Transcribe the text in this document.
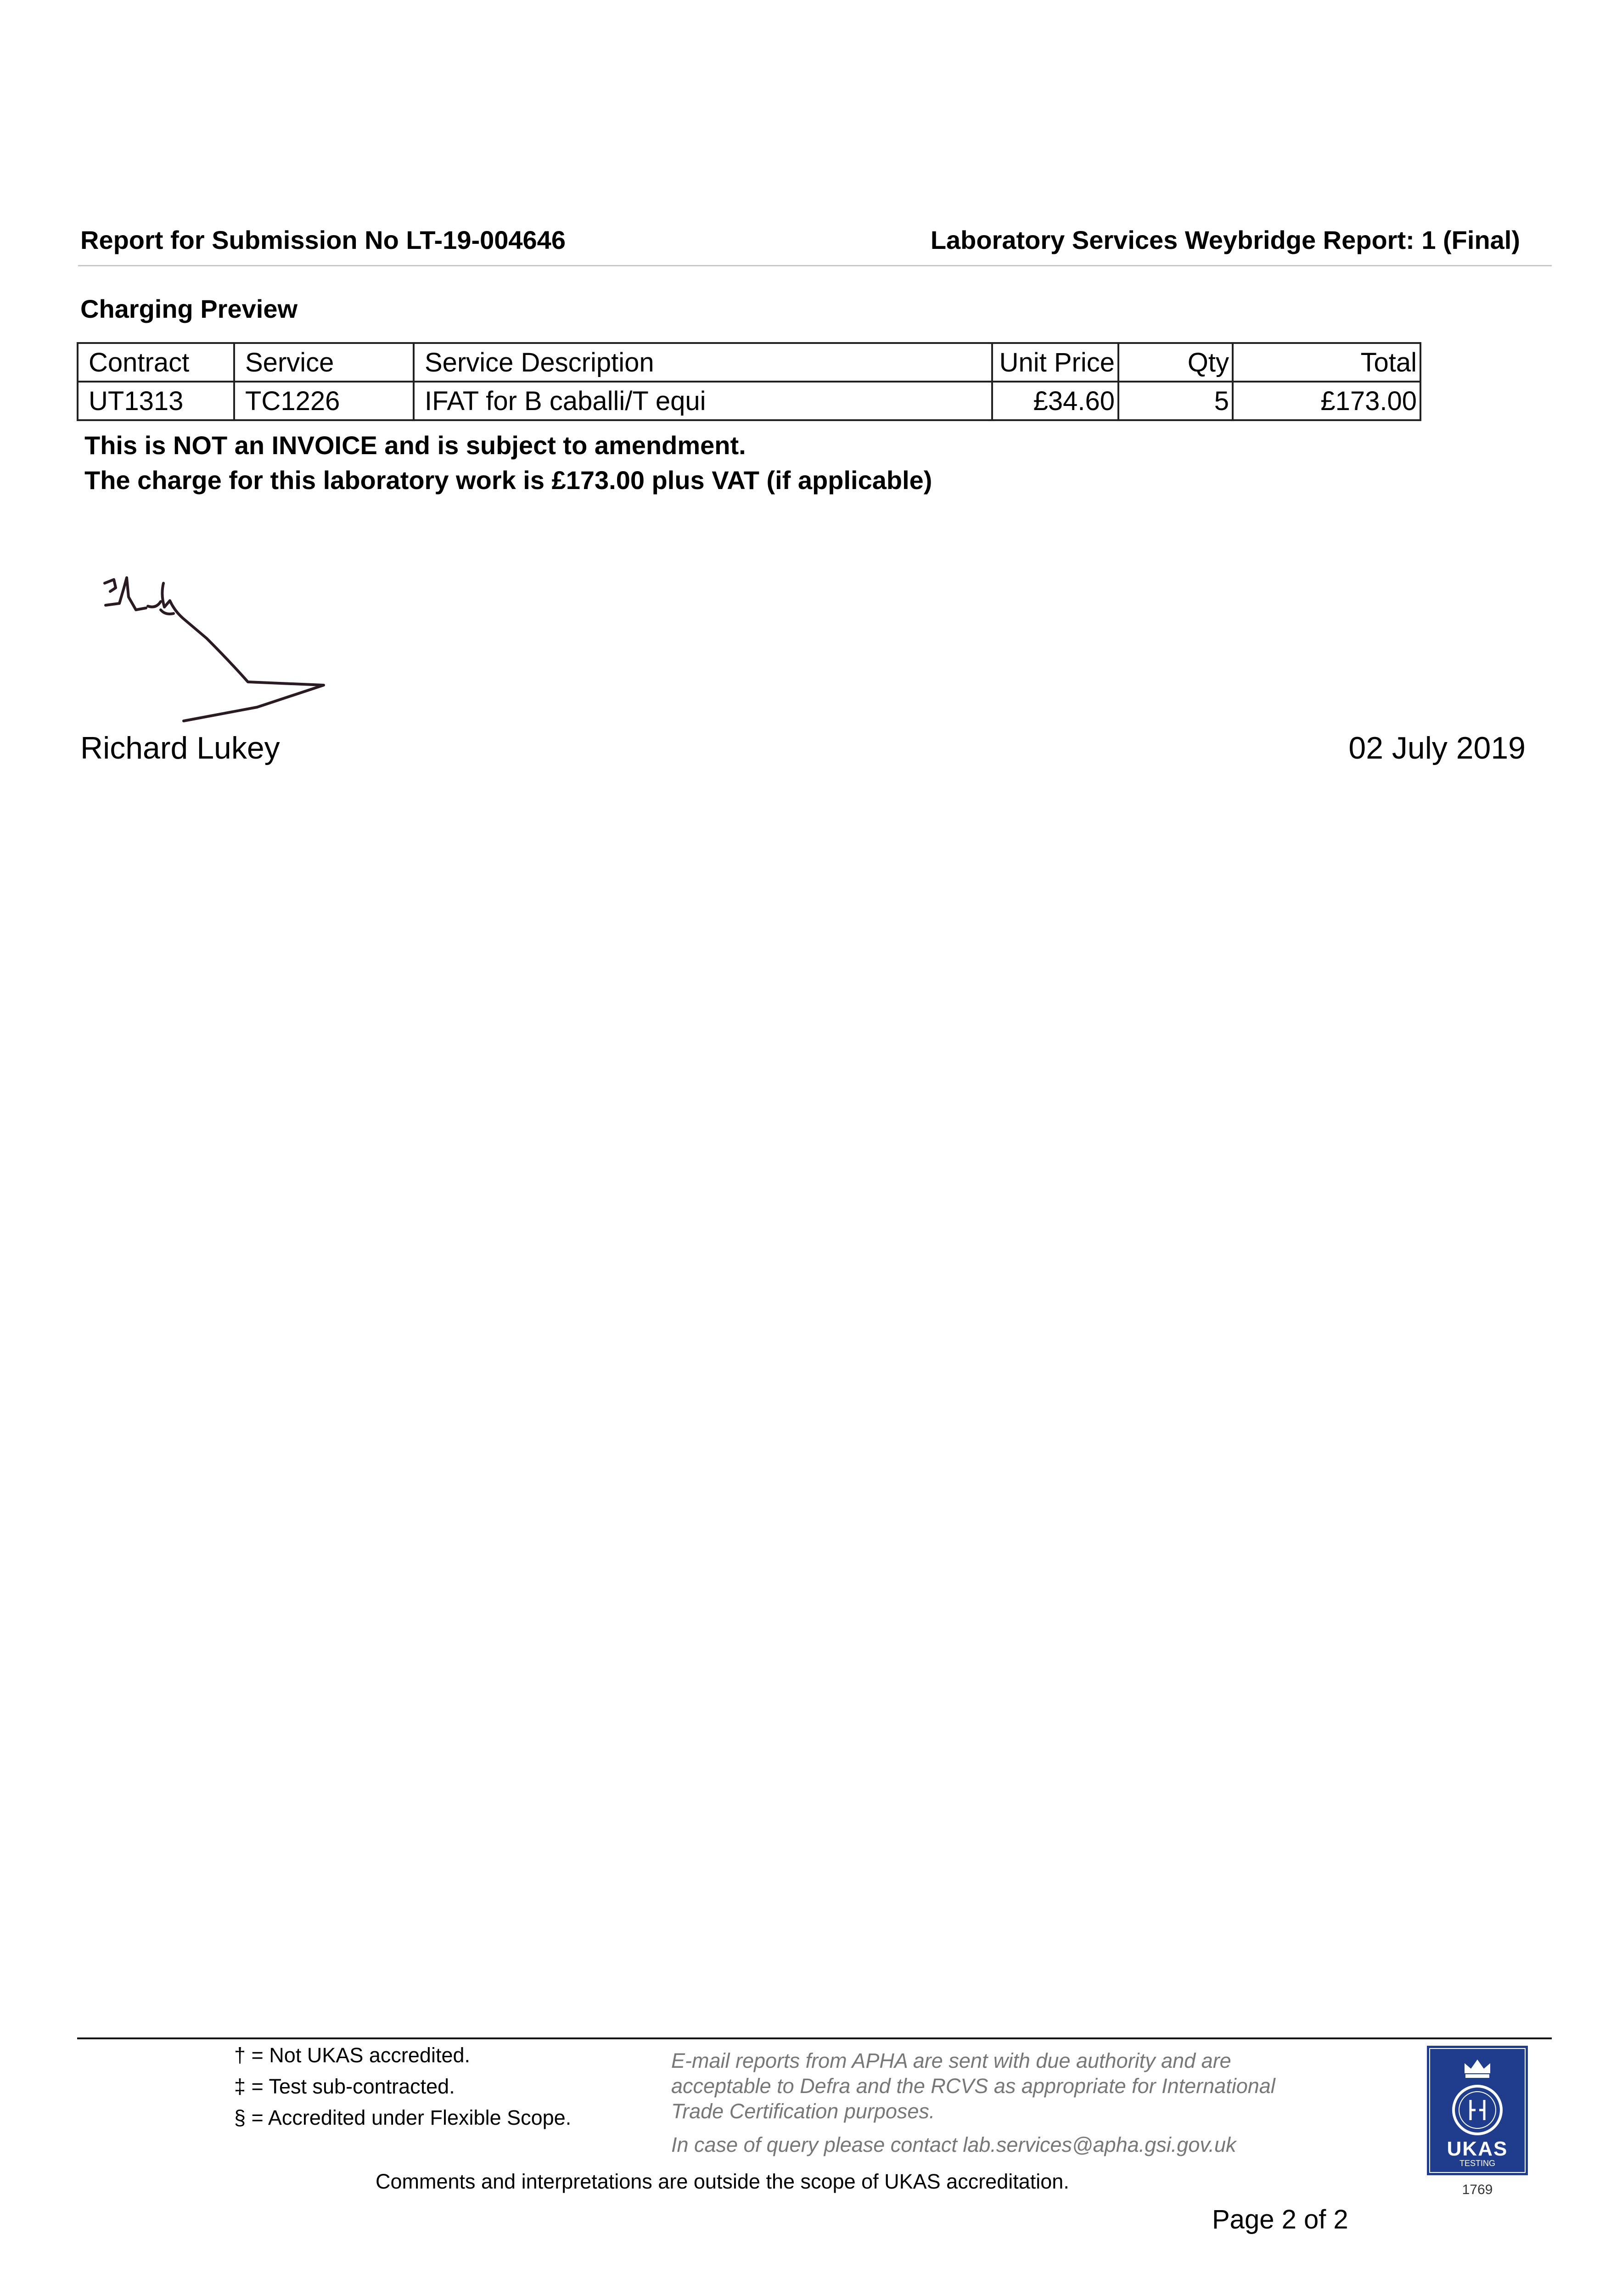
Report for Submission No LT-19-004646	Laboratory Services Weybridge Report: 1 (Final)
Charging Preview
Contract	Service	Service Description	Unit Price	Qty	Total
UT1313	TC1226	IFAT for B caballi/T equi	£34.60	5	£173.00
This is NOT an INVOICE and is subject to amendment.
The charge for this laboratory work is £173.00 plus VAT (if applicable)
Richard Lukey	02 July 2019
† = Not UKAS accredited.
‡ = Test sub-contracted.
§ = Accredited under Flexible Scope.
E-mail reports from APHA are sent with due authority and are
acceptable to Defra and the RCVS as appropriate for International
Trade Certification purposes.
In case of query please contact lab.services@apha.gsi.gov.uk
Comments and interpretations are outside the scope of UKAS accreditation.
UKAS
TESTING
1769
Page 2 of 2
